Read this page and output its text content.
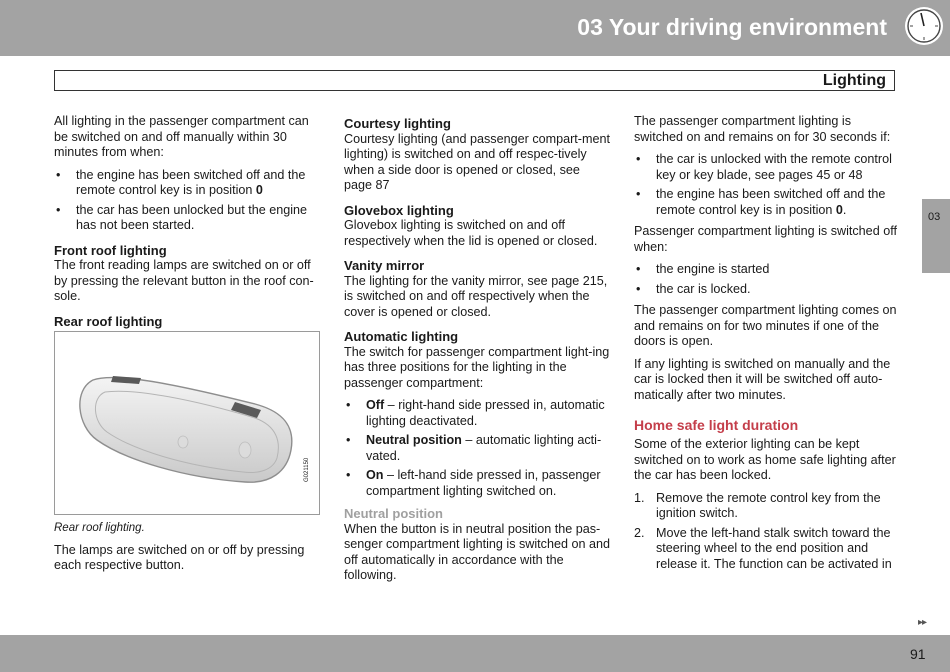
03 Your driving environment
Lighting

All lighting in the passenger compartment can be switched on and off manually within 30 minutes from when:

• the engine has been switched off and the remote control key is in position 0
• the car has been unlocked but the engine has not been started.
Front roof lighting

The front reading lamps are switched on or off by pressing the relevant button in the roof con-sole.

Rear roof lighting
G021150

Rear roof lighting.

The lamps are switched on or off by pressing each respective button.

Courtesy lighting

Courtesy lighting (and passenger compart-ment lighting) is switched on and off respec-tively when a side door is opened or closed, see page 87

Glovebox lighting

Glovebox lighting is switched on and off respectively when the lid is opened or closed.

Vanity mirror

The lighting for the vanity mirror, see page 215, is switched on and off respectively when the cover is opened or closed.

Automatic lighting

The switch for passenger compartment light-ing has three positions for the lighting in the passenger compartment:

• Off – right-hand side pressed in, automatic lighting deactivated.
• Neutral position – automatic lighting acti-vated.
• On – left-hand side pressed in, passenger compartment lighting switched on.
Neutral position

When the button is in neutral position the pas-senger compartment lighting is switched on and off automatically in accordance with the following.

The passenger compartment lighting is switched on and remains on for 30 seconds if:

• the car is unlocked with the remote control key or key blade, see pages 45 or 48
• the engine has been switched off and the remote control key is in position 0.

Passenger compartment lighting is switched off when:

• the engine is started
• the car is locked.

The passenger compartment lighting comes on and remains on for two minutes if one of the doors is open.

If any lighting is switched on manually and the car is locked then it will be switched off auto-matically after two minutes.

Home safe light duration

Some of the exterior lighting can be kept switched on to work as home safe lighting after the car has been locked.

1. Remove the remote control key from the ignition switch.
2. Move the left-hand stalk switch toward the steering wheel to the end position and release it. The function can be activated in
03
▸▸
91
